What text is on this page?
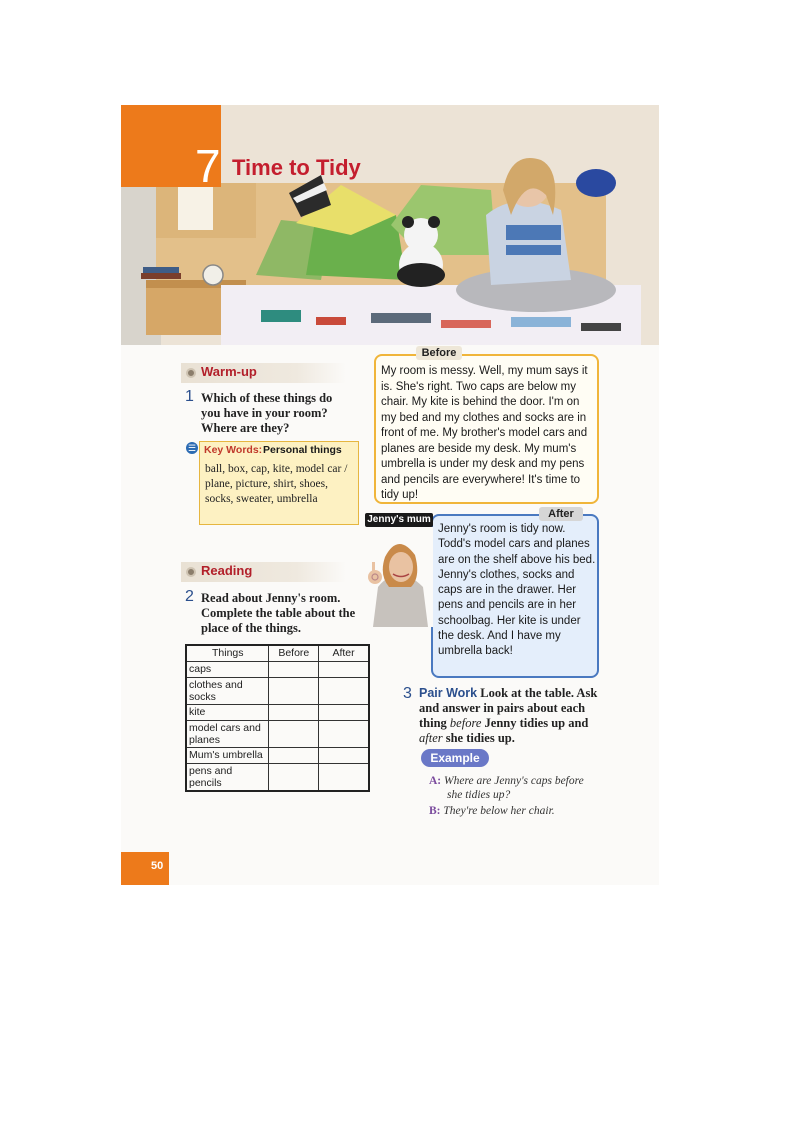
7 Time to Tidy
Warm-up
1 Which of these things do
you have in your room?
Where are they?
☰ Key Words: Personal things
ball, box, cap, kite, model car / plane, picture, shirt, shoes, socks, sweater, umbrella
Reading
2 Read about Jenny's room.
Complete the table about the
place of the things.
Things	Before	After
caps		
clothes and socks		
kite		
model cars and planes		
Mum's umbrella		
pens and pencils		

My room is messy. Well, my mum says it is. She's right. Two caps are below my chair. My kite is behind the door. I'm on my bed and my clothes and socks are in front of me. My brother's model cars and planes are beside my desk. My mum's umbrella is under my desk and my pens and pencils are everywhere! It's time to tidy up!

Before

Jenny's room is tidy now. Todd's model cars and planes are on the shelf above his bed. Jenny's clothes, socks and caps are in the drawer. Her pens and pencils are in her schoolbag. Her kite is under the desk. And I have my umbrella back!

After
Jenny's mum
3 Pair Work Look at the table. Ask and answer in pairs about each thing before Jenny tidies up and after she tidies up.
Example
A: Where are Jenny's caps before
she tidies up?
B: They're below her chair.
50
